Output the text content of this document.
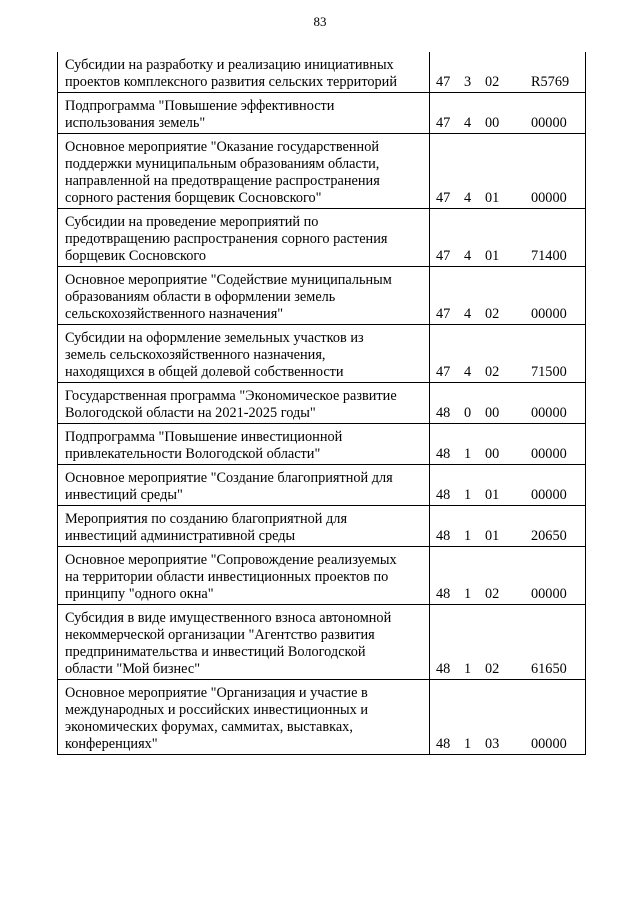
83
Субсидии на разработку и реализацию инициативных
проектов комплексного развития сельских территорий	47 3 02 R5769

Подпрограмма "Повышение эффективности
использования земель"	47 4 00 00000

Основное мероприятие "Оказание государственной
поддержки муниципальным образованиям области,
направленной на предотвращение распространения
сорного растения борщевик Сосновского"	47 4 01 00000

Субсидии на проведение мероприятий по
предотвращению распространения сорного растения
борщевик Сосновского	47 4 01 71400

Основное мероприятие "Содействие муниципальным
образованиям области в оформлении земель
сельскохозяйственного назначения"	47 4 02 00000

Субсидии на оформление земельных участков из
земель сельскохозяйственного назначения,
находящихся в общей долевой собственности	47 4 02 71500

Государственная программа "Экономическое развитие
Вологодской области на 2021-2025 годы"	48 0 00 00000

Подпрограмма "Повышение инвестиционной
привлекательности Вологодской области"	48 1 00 00000

Основное мероприятие "Создание благоприятной для
инвестиций среды"	48 1 01 00000

Мероприятия по созданию благоприятной для
инвестиций административной среды	48 1 01 20650

Основное мероприятие "Сопровождение реализуемых
на территории области инвестиционных проектов по
принципу "одного окна"	48 1 02 00000

Субсидия в виде имущественного взноса автономной
некоммерческой организации "Агентство развития
предпринимательства и инвестиций Вологодской
области "Мой бизнес"	48 1 02 61650

Основное мероприятие "Организация и участие в
международных и российских инвестиционных и
экономических форумах, саммитах, выставках,
конференциях"	48 1 03 00000
